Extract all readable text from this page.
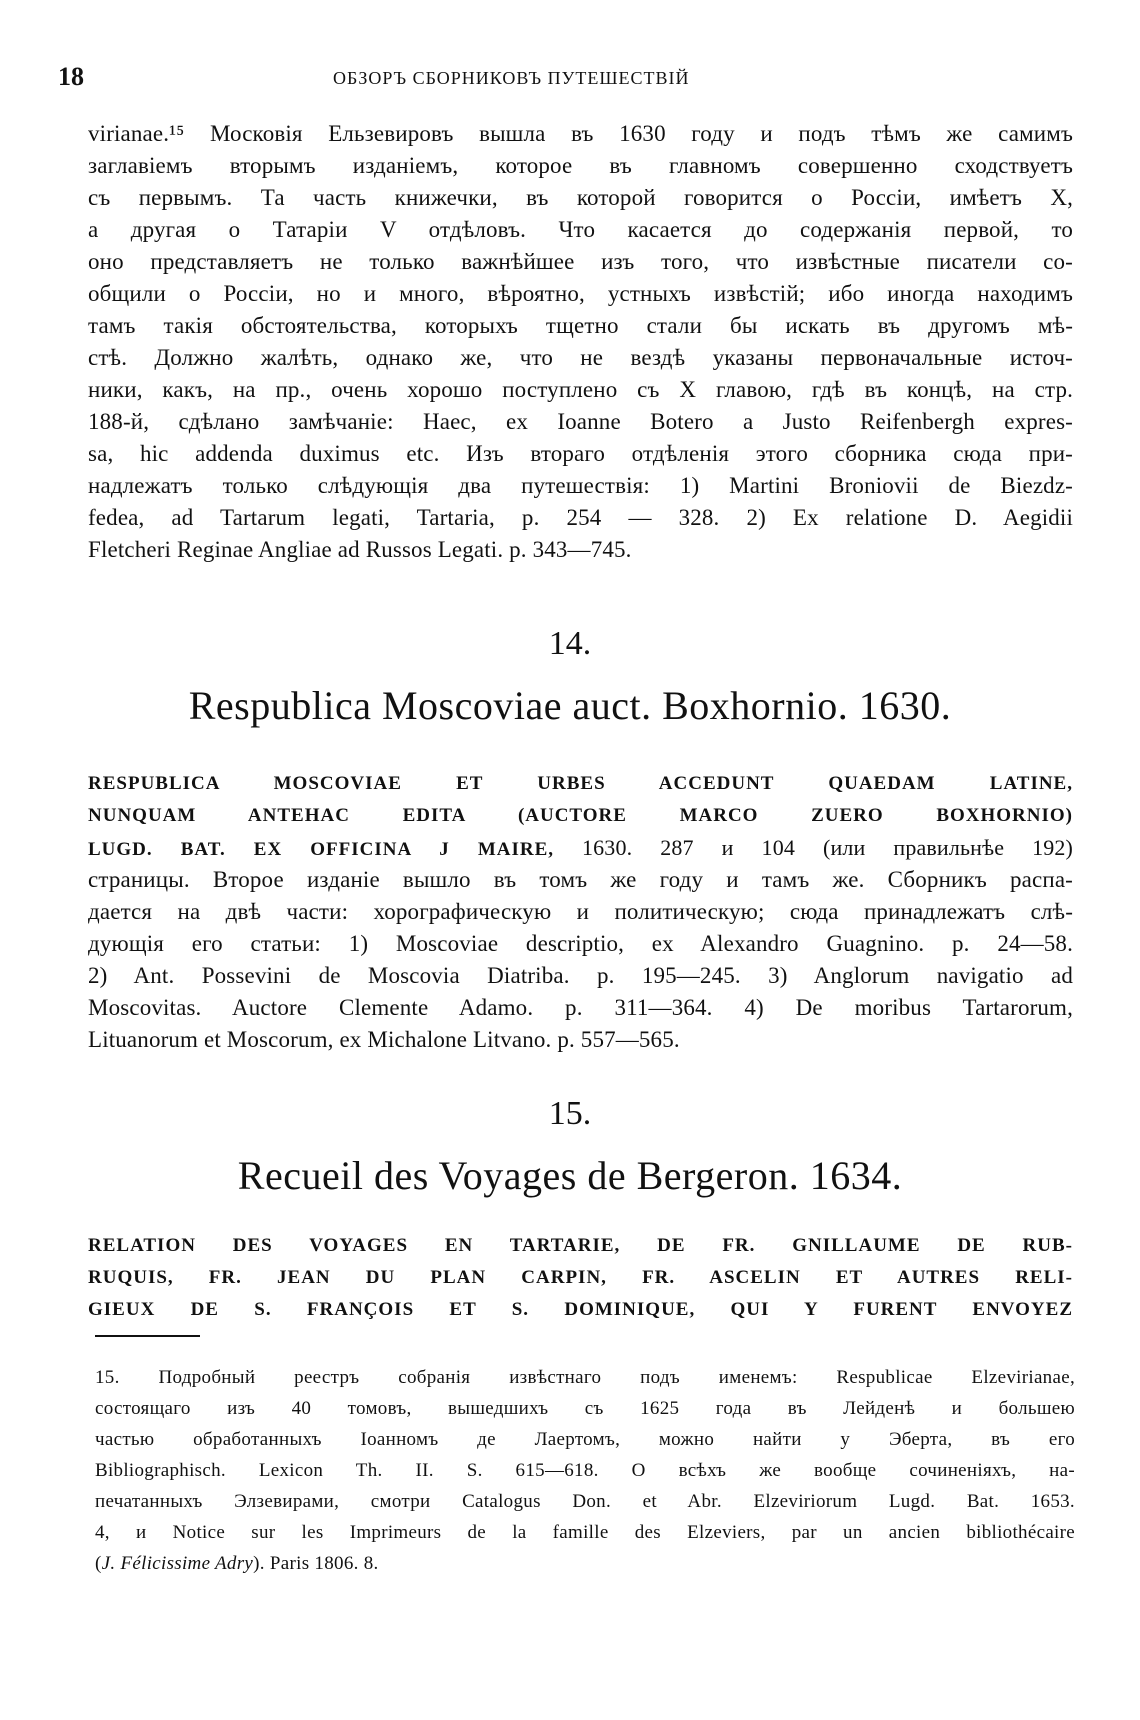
18	ОБЗОРЪ СБОРНИКОВЪ ПУТЕШЕСТВІЙ
virianae.¹⁵ Московія Ельзевировъ вышла въ 1630 году и подъ тѣмъ же самимъ
заглавіемъ вторымъ изданіемъ, которое въ главномъ совершенно сходствуетъ
съ первымъ. Та часть книжечки, въ которой говорится о Россіи, имѣетъ X,
а другая о Татаріи V отдѣловъ. Что касается до содержанія первой, то
оно представляетъ не только важнѣйшее изъ того, что извѣстные писатели со-
общили о Россіи, но и много, вѣроятно, устныхъ извѣстій; ибо иногда находимъ
тамъ такія обстоятельства, которыхъ тщетно стали бы искать въ другомъ мѣ-
стѣ. Должно жалѣть, однако же, что не вездѣ указаны первоначальные источ-
ники, какъ, на пр., очень хорошо поступлено съ X главою, гдѣ въ концѣ, на стр.
188-й, сдѣлано замѣчаніе: Haec, ex Ioanne Botero a Justo Reifenbergh expres-
sa, hic addenda duximus etc. Изъ втораго отдѣленія этого сборника сюда при-
надлежатъ только слѣдующія два путешествія: 1) Martini Broniovii de Biezdz-
fedea, ad Tartarum legati, Tartaria, p. 254 — 328. 2) Ex relatione D. Aegidii
Fletcheri Reginae Angliae ad Russos Legati. p. 343—745.
14.
Respublica Moscoviae auct. Boxhornio. 1630.
RESPUBLICA MOSCOVIAE ET URBES ACCEDUNT QUAEDAM LATINE,
NUNQUAM ANTEHAC EDITA (AUCTORE MARCO ZUERO BOXHORNIO)
LUGD. BAT. EX OFFICINA J MAIRE, 1630. 287 и 104 (или правильнѣе 192)
страницы. Второе изданіе вышло въ томъ же году и тамъ же. Сборникъ распа-
дается на двѣ части: хорографическую и политическую; сюда принадлежатъ слѣ-
дующія его статьи: 1) Moscoviae descriptio, ex Alexandro Guagnino. p. 24—58.
2) Ant. Possevini de Moscovia Diatriba. p. 195—245. 3) Anglorum navigatio ad
Moscovitas. Auctore Clemente Adamo. p. 311—364. 4) De moribus Tartarorum,
Lituanorum et Moscorum, ex Michalone Litvano. p. 557—565.
15.
Recueil des Voyages de Bergeron. 1634.
RELATION DES VOYAGES EN TARTARIE, DE FR. GNILLAUME DE RUB-
RUQUIS, FR. JEAN DU PLAN CARPIN, FR. ASCELIN ET AUTRES RELI-
GIEUX DE S. FRANÇOIS ET S. DOMINIQUE, QUI Y FURENT ENVOYEZ
15. Подробный реестръ собранія извѣстнаго подъ именемъ: Respublicae Elzevirianae,
состоящаго изъ 40 томовъ, вышедшихъ съ 1625 года въ Лейденѣ и большею
частью обработанныхъ Іоанномъ де Лаертомъ, можно найти у Эберта, въ его
Bibliographisch. Lexicon Th. II. S. 615—618. О всѣхъ же вообще сочиненіяхъ, на-
печатанныхъ Элзевирами, смотри Catalogus Don. et Abr. Elzeviriorum Lugd. Bat. 1653.
4, и Notice sur les Imprimeurs de la famille des Elzeviers, par un ancien bibliothécaire
(J. Félicissime Adry). Paris 1806. 8.
